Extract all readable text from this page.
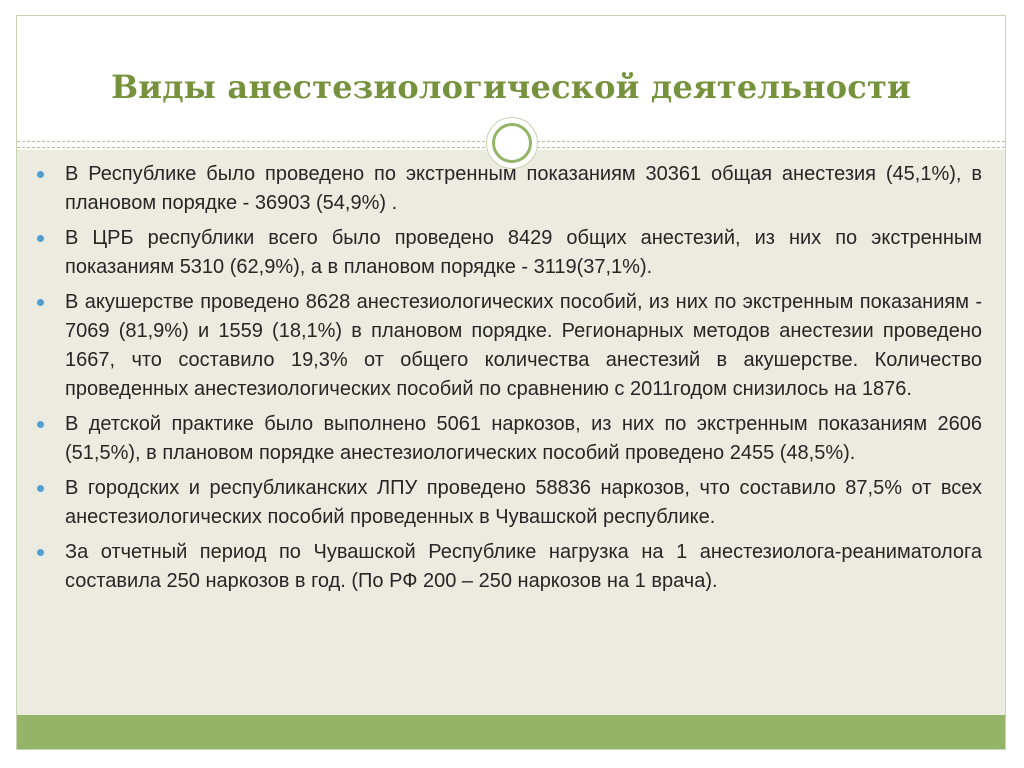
Виды анестезиологической деятельности
В Республике было проведено по экстренным показаниям 30361 общая анестезия (45,1%), в плановом порядке - 36903 (54,9%) .
В ЦРБ республики всего было проведено 8429 общих анестезий, из них по экстренным показаниям 5310 (62,9%), а в плановом порядке - 3119(37,1%).
В акушерстве проведено 8628 анестезиологических пособий, из них по экстренным показаниям - 7069 (81,9%) и 1559 (18,1%) в плановом порядке. Регионарных методов анестезии проведено 1667, что составило 19,3% от общего количества анестезий в акушерстве. Количество проведенных анестезиологических пособий по сравнению с 2011годом снизилось на 1876.
В детской практике было выполнено 5061 наркозов, из них по экстренным показаниям 2606 (51,5%), в плановом порядке анестезиологических пособий проведено 2455 (48,5%).
В городских и республиканских ЛПУ проведено 58836 наркозов, что составило 87,5% от всех анестезиологических пособий проведенных в Чувашской республике.
За отчетный период по Чувашской Республике нагрузка на 1 анестезиолога-реаниматолога составила 250 наркозов в год. (По РФ 200 – 250 наркозов на 1 врача).
